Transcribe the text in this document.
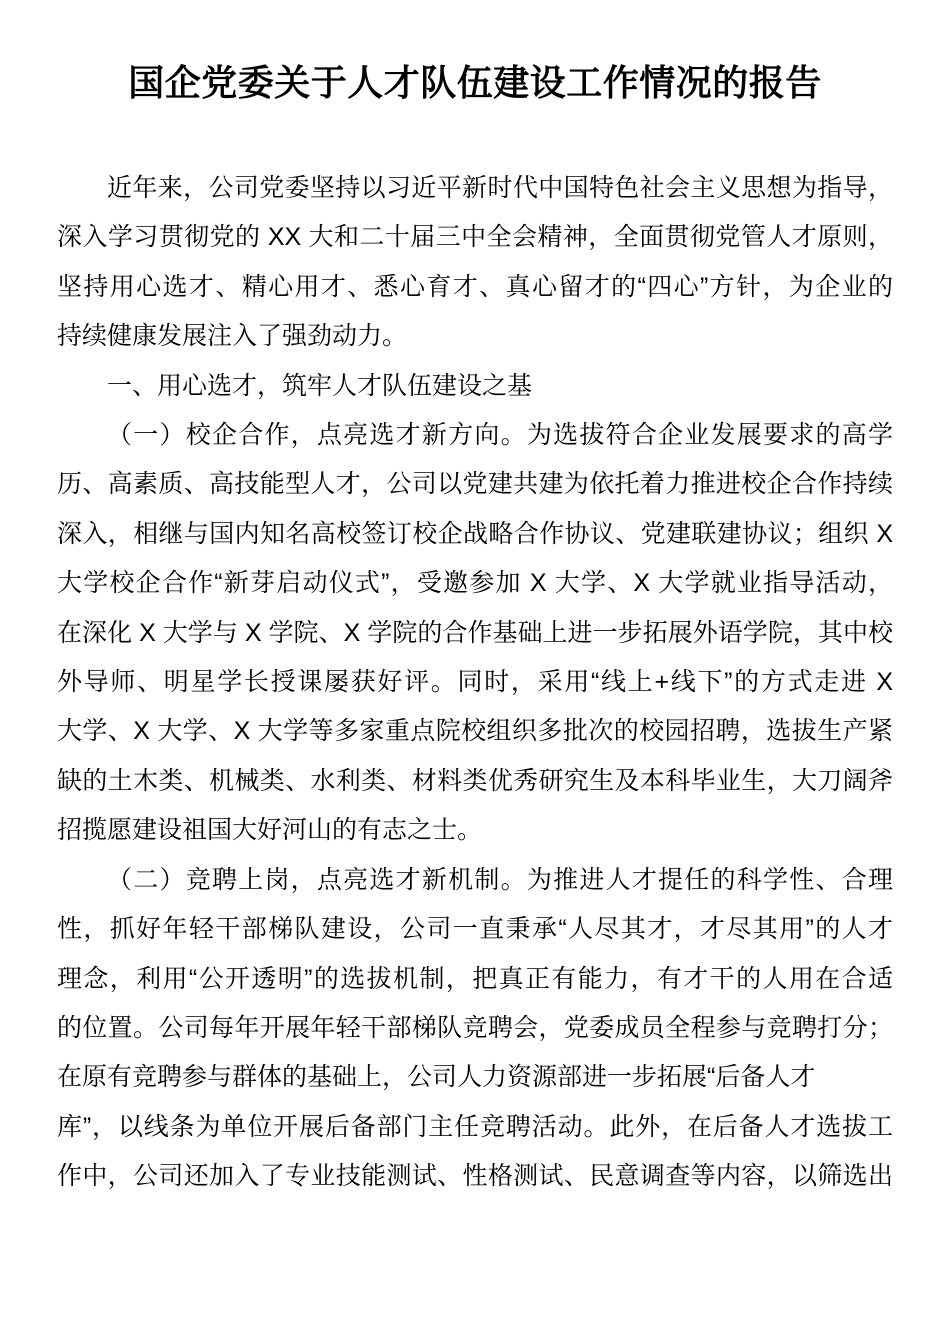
国企党委关于人才队伍建设工作情况的报告
近年来，公司党委坚持以习近平新时代中国特色社会主义思想为指导，
深入学习贯彻党的 XX 大和二十届三中全会精神，全面贯彻党管人才原则，
坚持用心选才、精心用才、悉心育才、真心留才的“四心”方针，为企业的
持续健康发展注入了强劲动力。
一、用心选才，筑牢人才队伍建设之基
（一）校企合作，点亮选才新方向。为选拔符合企业发展要求的高学
历、高素质、高技能型人才，公司以党建共建为依托着力推进校企合作持续
深入，相继与国内知名高校签订校企战略合作协议、党建联建协议；组织 X
大学校企合作“新芽启动仪式”，受邀参加 X 大学、X 大学就业指导活动，
在深化 X 大学与 X 学院、X 学院的合作基础上进一步拓展外语学院，其中校
外导师、明星学长授课屡获好评。同时，采用“线上+线下”的方式走进 X
大学、X 大学、X 大学等多家重点院校组织多批次的校园招聘，选拔生产紧
缺的土木类、机械类、水利类、材料类优秀研究生及本科毕业生，大刀阔斧
招揽愿建设祖国大好河山的有志之士。
（二）竞聘上岗，点亮选才新机制。为推进人才提任的科学性、合理
性，抓好年轻干部梯队建设，公司一直秉承“人尽其才，才尽其用”的人才
理念，利用“公开透明”的选拔机制，把真正有能力，有才干的人用在合适
的位置。公司每年开展年轻干部梯队竞聘会，党委成员全程参与竞聘打分；
在原有竞聘参与群体的基础上，公司人力资源部进一步拓展“后备人才
库”，以线条为单位开展后备部门主任竞聘活动。此外，在后备人才选拔工
作中，公司还加入了专业技能测试、性格测试、民意调查等内容，以筛选出
